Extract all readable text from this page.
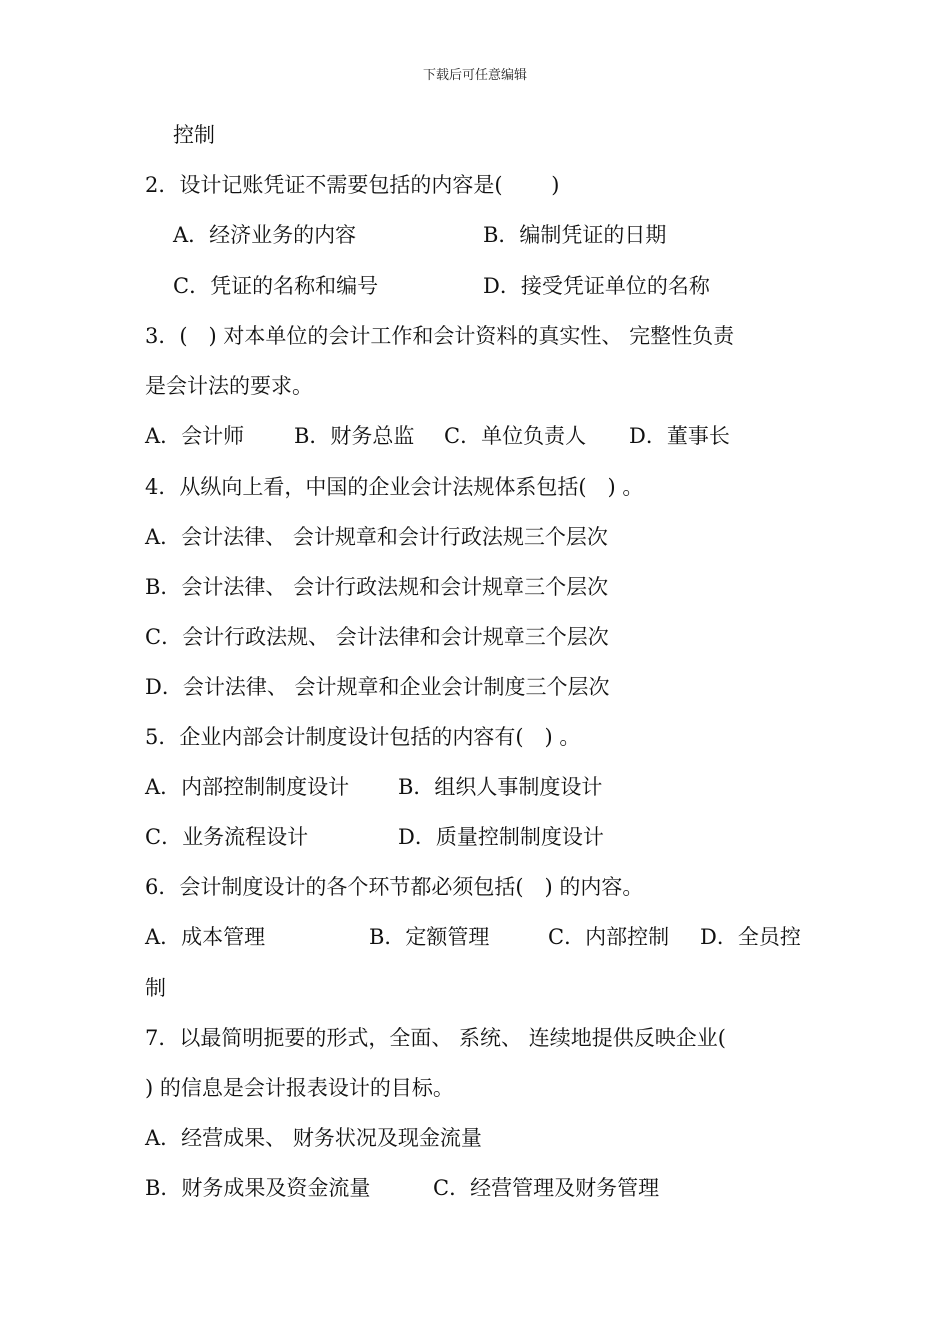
下载后可任意编辑
控制
2．设计记账凭证不需要包括的内容是(　　 )
A．经济业务的内容	B．编制凭证的日期
C．凭证的名称和编号	D．接受凭证单位的名称
3．(　) 对本单位的会计工作和会计资料的真实性、 完整性负责
是会计法的要求。
A．会计师 B．财务总监 C．单位负责人 D．董事长
4．从纵向上看，中国的企业会计法规体系包括(　) 。
A．会计法律、 会计规章和会计行政法规三个层次
B．会计法律、 会计行政法规和会计规章三个层次
C．会计行政法规、 会计法律和会计规章三个层次
D．会计法律、 会计规章和企业会计制度三个层次
5．企业内部会计制度设计包括的内容有(　) 。
A．内部控制制度设计 B．组织人事制度设计
C．业务流程设计	D．质量控制制度设计
6．会计制度设计的各个环节都必须包括(　) 的内容。
A．成本管理	B．定额管理	C．内部控制 D．全员控
制
7．以最简明扼要的形式，全面、 系统、 连续地提供反映企业(
) 的信息是会计报表设计的目标。
A．经营成果、 财务状况及现金流量
B．财务成果及资金流量	C．经营管理及财务管理
